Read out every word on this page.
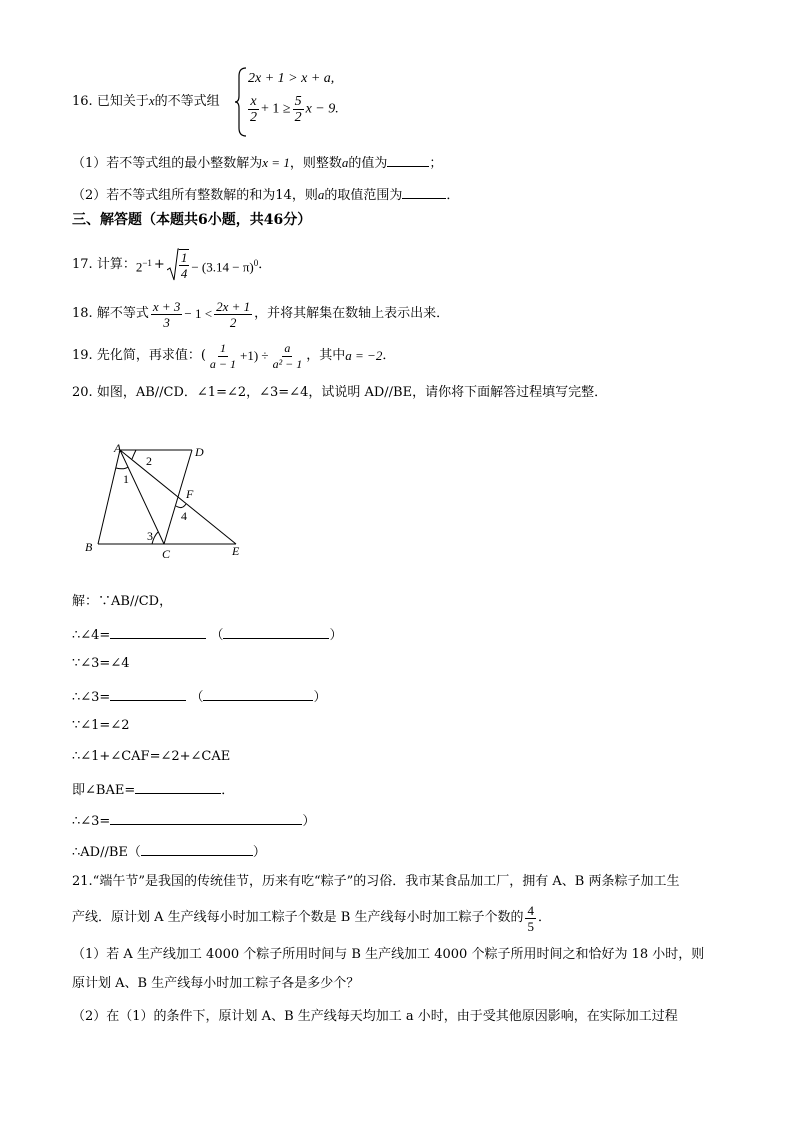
16. 已知关于x的不等式组
2x + 1 > x + a,
$\frac{x}{2} + 1 \ge \frac{5}{2}$ x − 9.
（1）若不等式组的最小整数解为x = 1，则整数a的值为	；
（2）若不等式组所有整数解的和为14，则a的取值范围为	．
三、解答题（本题共6小题，共46分）
17.
计算： $2^{-1} + \frac{1}{4} - (3.14 - \pi)^0$ ．
18.
解不等式 $\frac{x + 3}{3} - 1 < \frac{2x + 1}{2}$ ，并将其解集在数轴上表示出来．
19.
先化简，再求值：( $\frac{1}{a - 1} +1) \div \frac{a}{\text{a² − 1}}$ ，其中 a = −2 ．
20. 如图，AB//CD．∠1=∠2，∠3=∠4，试说明 AD//BE，请你将下面解答过程填写完整．
A	D
F
B	C	E
1
2
3
4
解：∵AB//CD，
∴∠4=	（	）
∵∠3=∠4
∴∠3=	（	）
∵∠1=∠2
∴∠1+∠CAF=∠2+∠CAE
即∠BAE=	．
∴∠3=	）
∴AD//BE（	）
21.“端午节”是我国的传统佳节，历来有吃“粽子”的习俗．我市某食品加工厂，拥有 A、B 两条粽子加工生
产线．原计划 A 生产线每小时加工粽子个数是 B 生产线每小时加工粽子个数的 $\frac{4}{5}$ ．
（1）若 A 生产线加工 4000 个粽子所用时间与 B 生产线加工 4000 个粽子所用时间之和恰好为 18 小时，则
原计划 A、B 生产线每小时加工粽子各是多少个？
（2）在（1）的条件下，原计划 A、B 生产线每天均加工 a 小时，由于受其他原因影响，在实际加工过程
